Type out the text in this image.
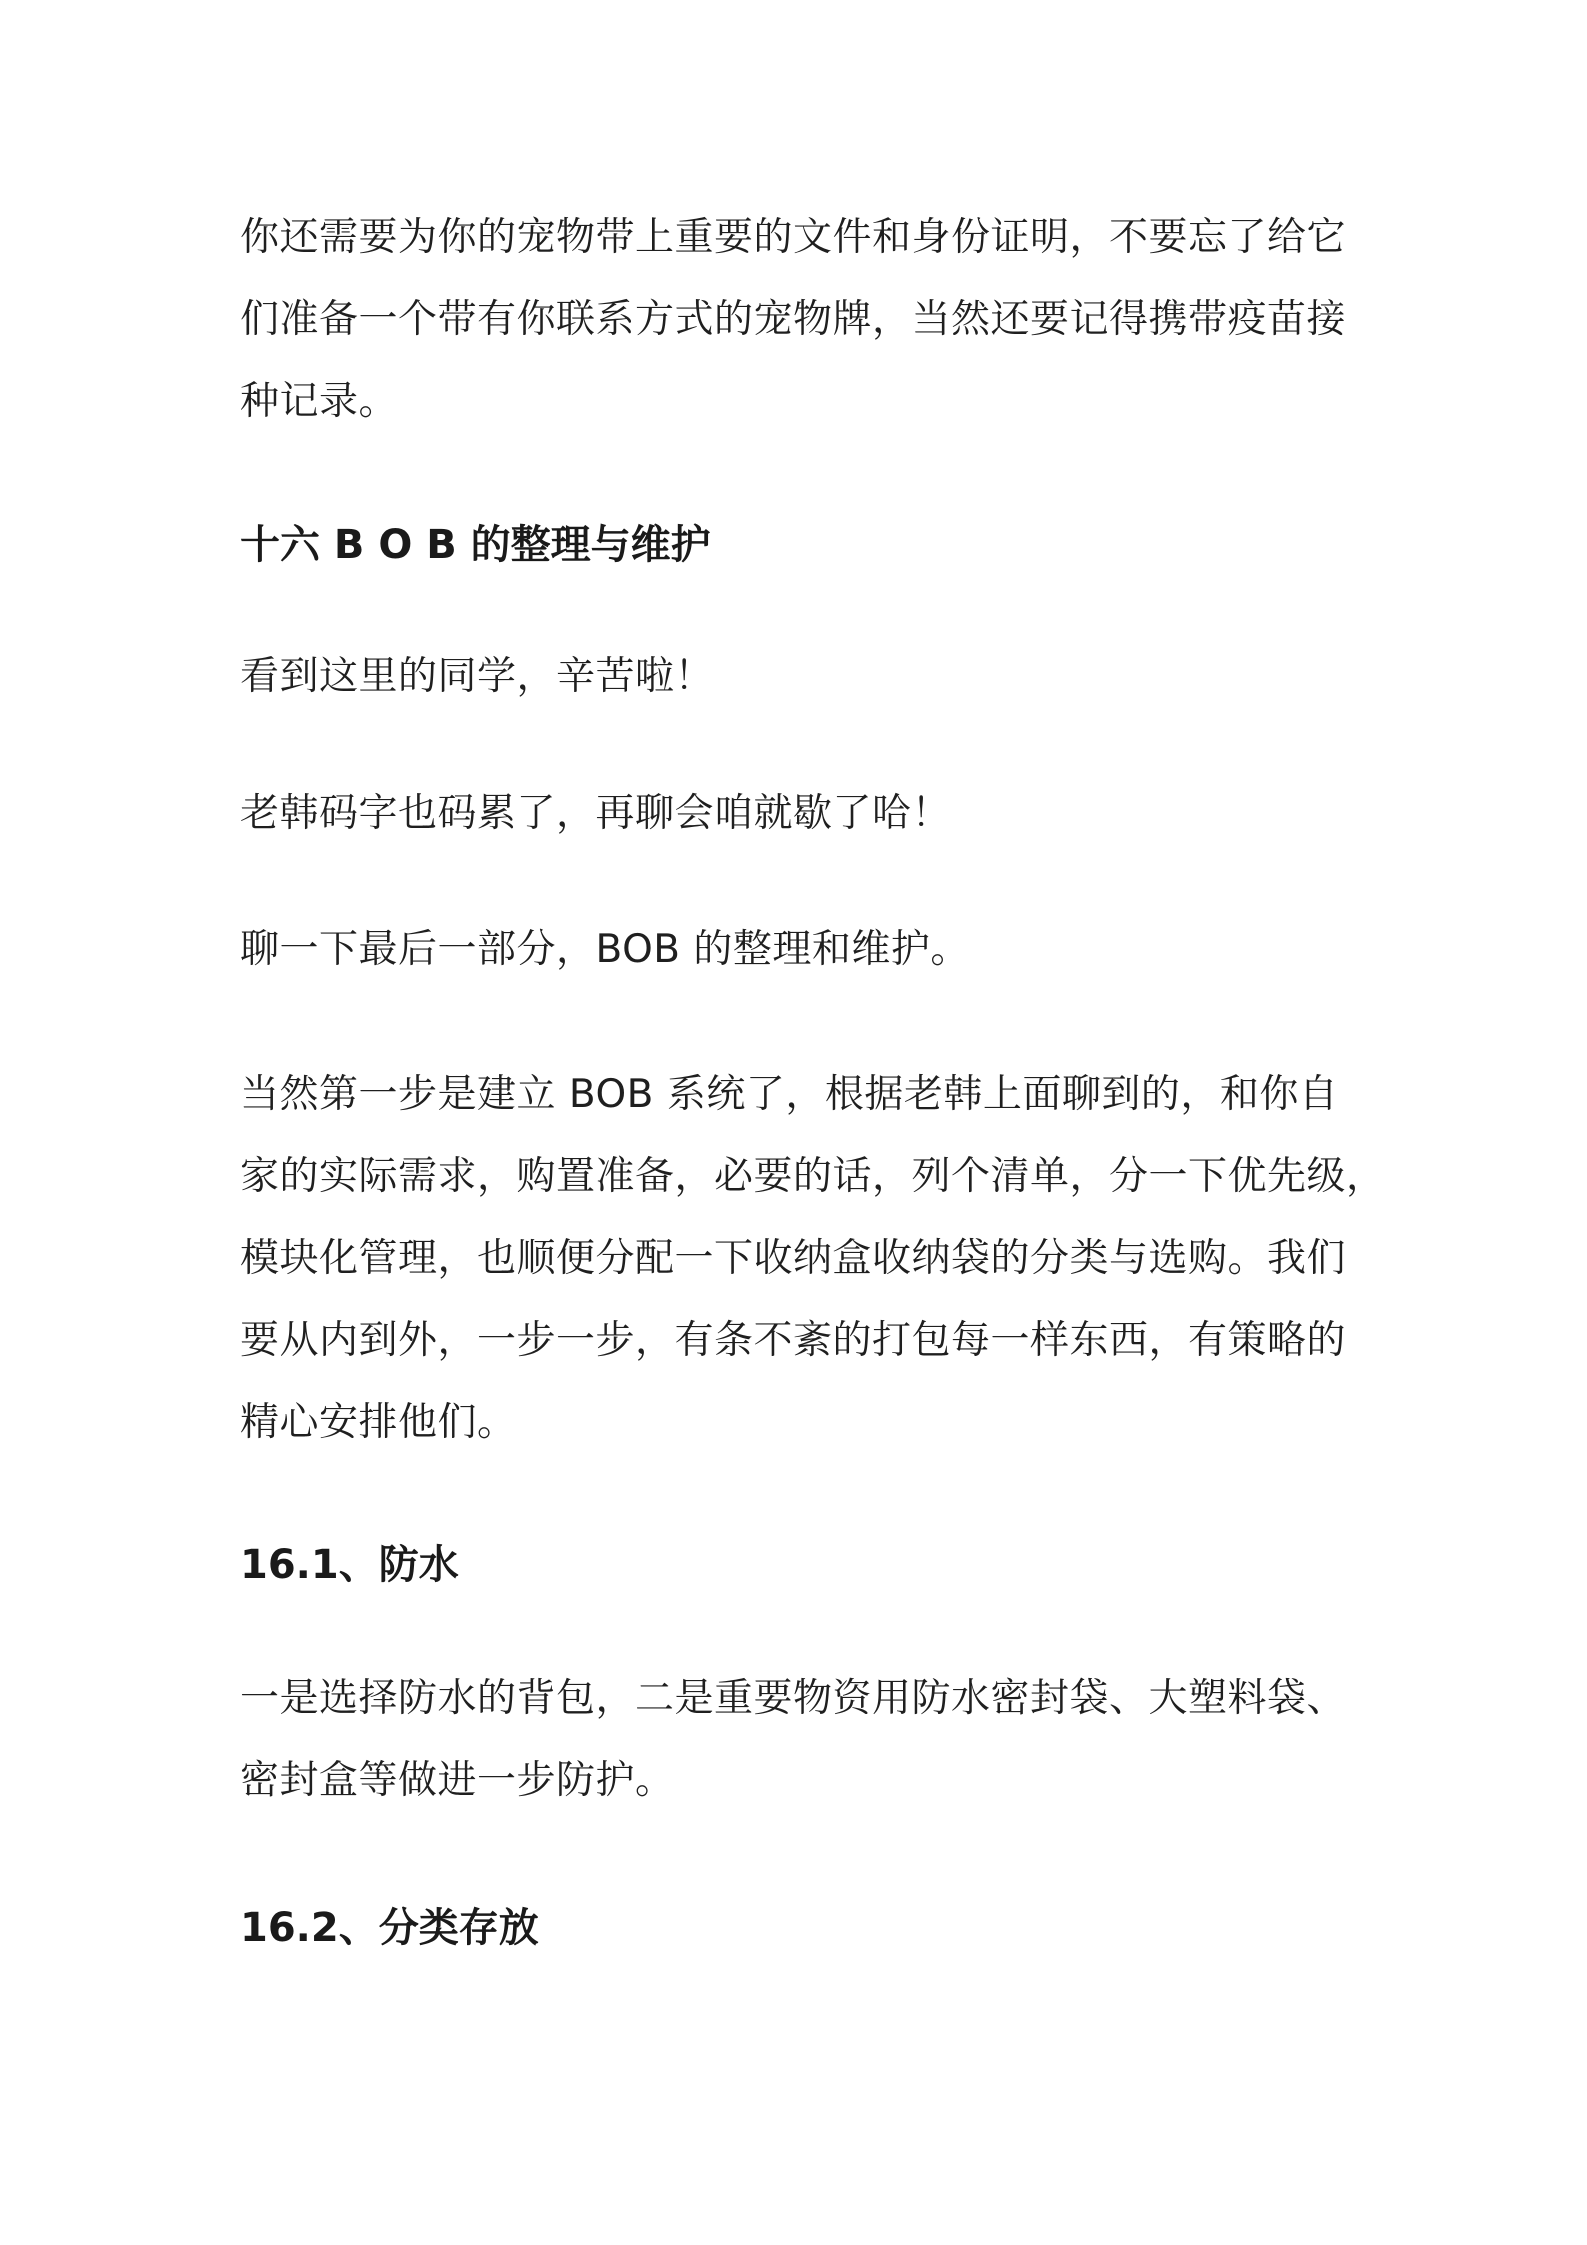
你还需要为你的宠物带上重要的文件和身份证明，不要忘了给它
们准备一个带有你联系方式的宠物牌，当然还要记得携带疫苗接
种记录。

十六 B O B 的整理与维护

看到这里的同学，辛苦啦！

老韩码字也码累了，再聊会咱就歇了哈！

聊一下最后一部分，BOB 的整理和维护。

当然第一步是建立 BOB 系统了，根据老韩上面聊到的，和你自
家的实际需求，购置准备，必要的话，列个清单，分一下优先级，
模块化管理，也顺便分配一下收纳盒收纳袋的分类与选购。我们
要从内到外，一步一步，有条不紊的打包每一样东西，有策略的
精心安排他们。

16.1、防水

一是选择防水的背包，二是重要物资用防水密封袋、大塑料袋、
密封盒等做进一步防护。

16.2、分类存放
